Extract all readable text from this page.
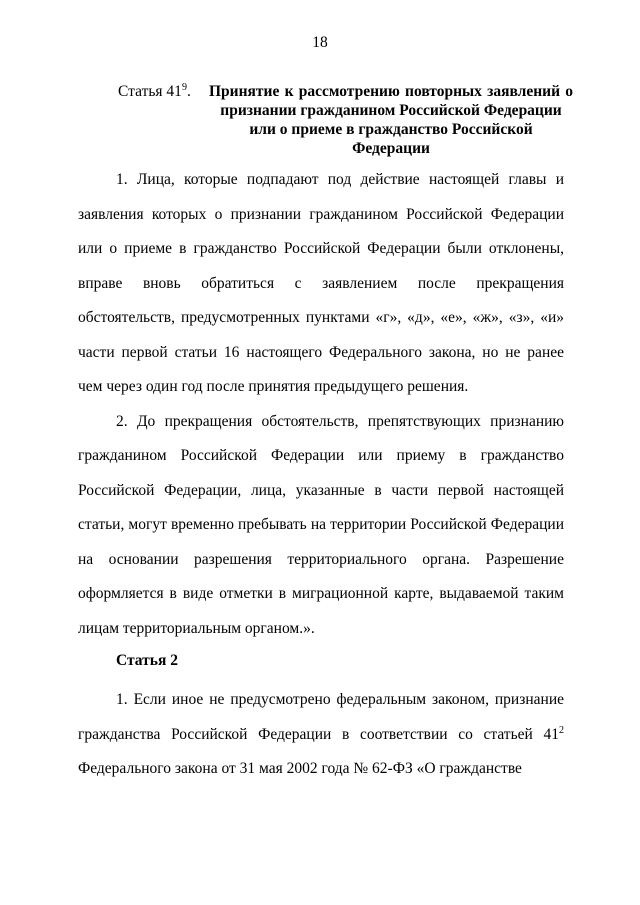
18
Статья $41^9$. Принятие к рассмотрению повторных заявлений о
признании гражданином Российской Федерации
или о приеме в гражданство Российской Федерации

1. Лица, которые подпадают под действие настоящей главы и заявления которых о признании гражданином Российской Федерации или о приеме в гражданство Российской Федерации были отклонены, вправе вновь обратиться с заявлением после прекращения обстоятельств, предусмотренных пунктами «г», «д», «е», «ж», «з», «и» части первой статьи 16 настоящего Федерального закона, но не ранее чем через один год после принятия предыдущего решения.

2. До прекращения обстоятельств, препятствующих признанию гражданином Российской Федерации или приему в гражданство Российской Федерации, лица, указанные в части первой настоящей статьи, могут временно пребывать на территории Российской Федерации на основании разрешения территориального органа. Разрешение оформляется в виде отметки в миграционной карте, выдаваемой таким лицам территориальным органом.».

Статья 2

1. Если иное не предусмотрено федеральным законом, признание гражданства Российской Федерации в соответствии со статьей $41^2$ Федерального закона от 31 мая 2002 года № 62-ФЗ «О гражданстве
